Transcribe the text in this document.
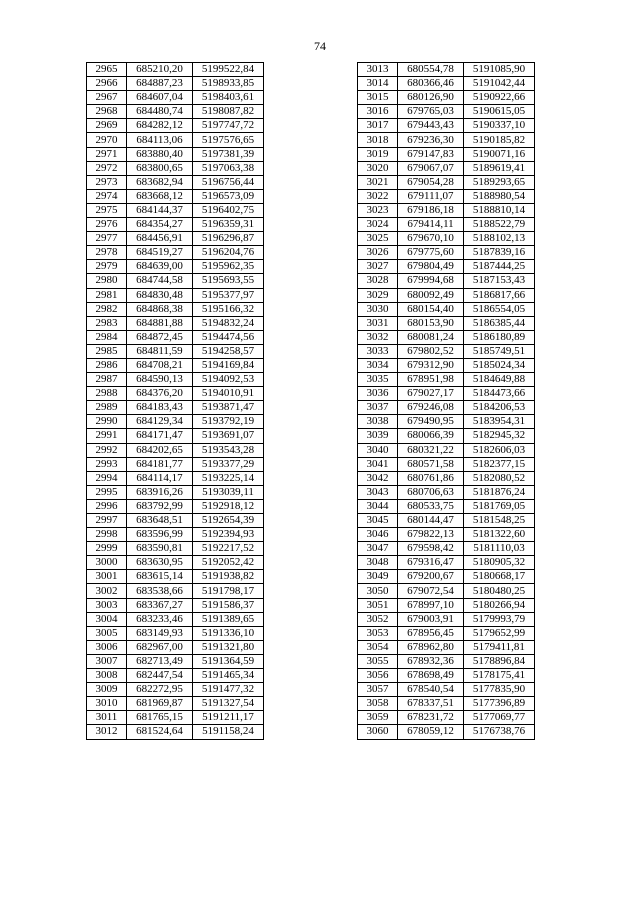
74
2965	685210,20	5199522,84
2966	684887,23	5198933,85
2967	684607,04	5198403,61
2968	684480,74	5198087,82
2969	684282,12	5197747,72
2970	684113,06	5197576,65
2971	683880,40	5197381,39
2972	683800,65	5197063,38
2973	683682,94	5196756,44
2974	683668,12	5196573,09
2975	684144,37	5196402,75
2976	684354,27	5196359,31
2977	684456,91	5196296,87
2978	684519,27	5196204,76
2979	684639,00	5195962,35
2980	684744,58	5195693,55
2981	684830,48	5195377,97
2982	684868,38	5195166,32
2983	684881,88	5194832,24
2984	684872,45	5194474,56
2985	684811,59	5194258,57
2986	684708,21	5194169,84
2987	684590,13	5194092,53
2988	684376,20	5194010,91
2989	684183,43	5193871,47
2990	684129,34	5193792,19
2991	684171,47	5193691,07
2992	684202,65	5193543,28
2993	684181,77	5193377,29
2994	684114,17	5193225,14
2995	683916,26	5193039,11
2996	683792,99	5192918,12
2997	683648,51	5192654,39
2998	683596,99	5192394,93
2999	683590,81	5192217,52
3000	683630,95	5192052,42
3001	683615,14	5191938,82
3002	683538,66	5191798,17
3003	683367,27	5191586,37
3004	683233,46	5191389,65
3005	683149,93	5191336,10
3006	682967,00	5191321,80
3007	682713,49	5191364,59
3008	682447,54	5191465,34
3009	682272,95	5191477,32
3010	681969,87	5191327,54
3011	681765,15	5191211,17
3012	681524,64	5191158,24
3013	680554,78	5191085,90
3014	680366,46	5191042,44
3015	680126,90	5190922,66
3016	679765,03	5190615,05
3017	679443,43	5190337,10
3018	679236,30	5190185,82
3019	679147,83	5190071,16
3020	679067,07	5189619,41
3021	679054,28	5189293,65
3022	679111,07	5188980,54
3023	679186,18	5188810,14
3024	679414,11	5188522,79
3025	679670,10	5188102,13
3026	679775,60	5187839,16
3027	679804,49	5187444,25
3028	679994,68	5187153,43
3029	680092,49	5186817,66
3030	680154,40	5186554,05
3031	680153,90	5186385,44
3032	680081,24	5186180,89
3033	679802,52	5185749,51
3034	679312,90	5185024,34
3035	678951,98	5184649,88
3036	679027,17	5184473,66
3037	679246,08	5184206,53
3038	679490,95	5183954,31
3039	680066,39	5182945,32
3040	680321,22	5182606,03
3041	680571,58	5182377,15
3042	680761,86	5182080,52
3043	680706,63	5181876,24
3044	680533,75	5181769,05
3045	680144,47	5181548,25
3046	679822,13	5181322,60
3047	679598,42	5181110,03
3048	679316,47	5180905,32
3049	679200,67	5180668,17
3050	679072,54	5180480,25
3051	678997,10	5180266,94
3052	679003,91	5179993,79
3053	678956,45	5179652,99
3054	678962,80	5179411,81
3055	678932,36	5178896,84
3056	678698,49	5178175,41
3057	678540,54	5177835,90
3058	678337,51	5177396,89
3059	678231,72	5177069,77
3060	678059,12	5176738,76
